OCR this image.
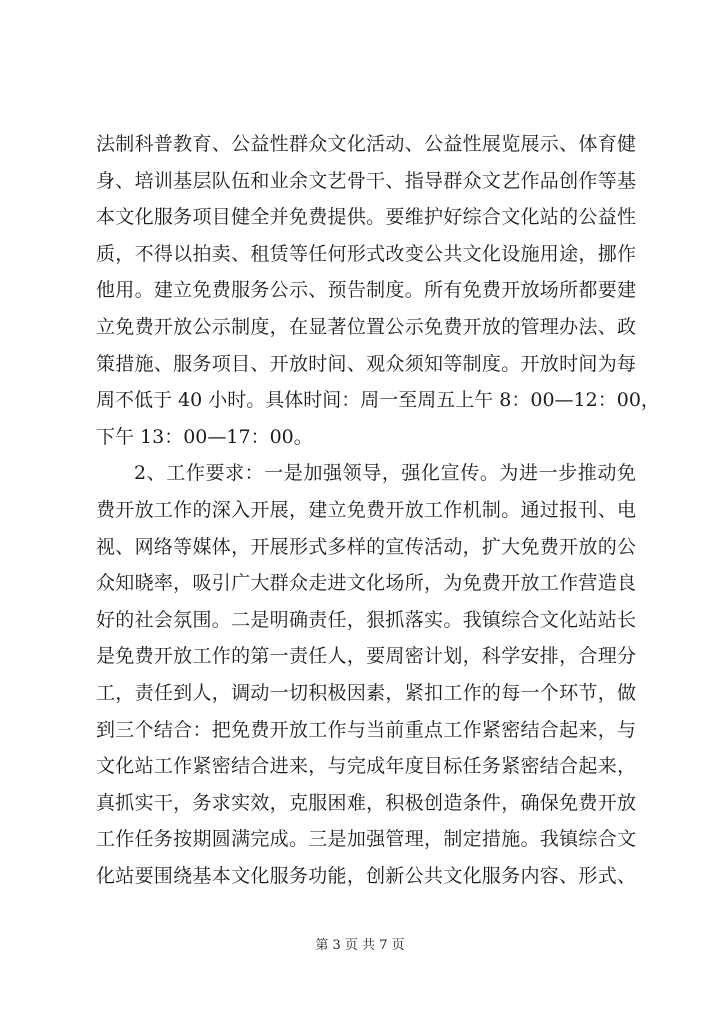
法制科普教育、公益性群众文化活动、公益性展览展示、体育健
身、培训基层队伍和业余文艺骨干、指导群众文艺作品创作等基
本文化服务项目健全并免费提供。要维护好综合文化站的公益性
质，不得以拍卖、租赁等任何形式改变公共文化设施用途，挪作
他用。建立免费服务公示、预告制度。所有免费开放场所都要建
立免费开放公示制度，在显著位置公示免费开放的管理办法、政
策措施、服务项目、开放时间、观众须知等制度。开放时间为每
周不低于 40 小时。具体时间：周一至周五上午 8：00—12：00，
下午 13：00—17：00。
2、工作要求：一是加强领导，强化宣传。为进一步推动免
费开放工作的深入开展，建立免费开放工作机制。通过报刊、电
视、网络等媒体，开展形式多样的宣传活动，扩大免费开放的公
众知晓率，吸引广大群众走进文化场所，为免费开放工作营造良
好的社会氛围。二是明确责任，狠抓落实。我镇综合文化站站长
是免费开放工作的第一责任人，要周密计划，科学安排，合理分
工，责任到人，调动一切积极因素，紧扣工作的每一个环节，做
到三个结合：把免费开放工作与当前重点工作紧密结合起来，与
文化站工作紧密结合进来，与完成年度目标任务紧密结合起来，
真抓实干，务求实效，克服困难，积极创造条件，确保免费开放
工作任务按期圆满完成。三是加强管理，制定措施。我镇综合文
化站要围绕基本文化服务功能，创新公共文化服务内容、形式、
第 3 页 共 7 页
